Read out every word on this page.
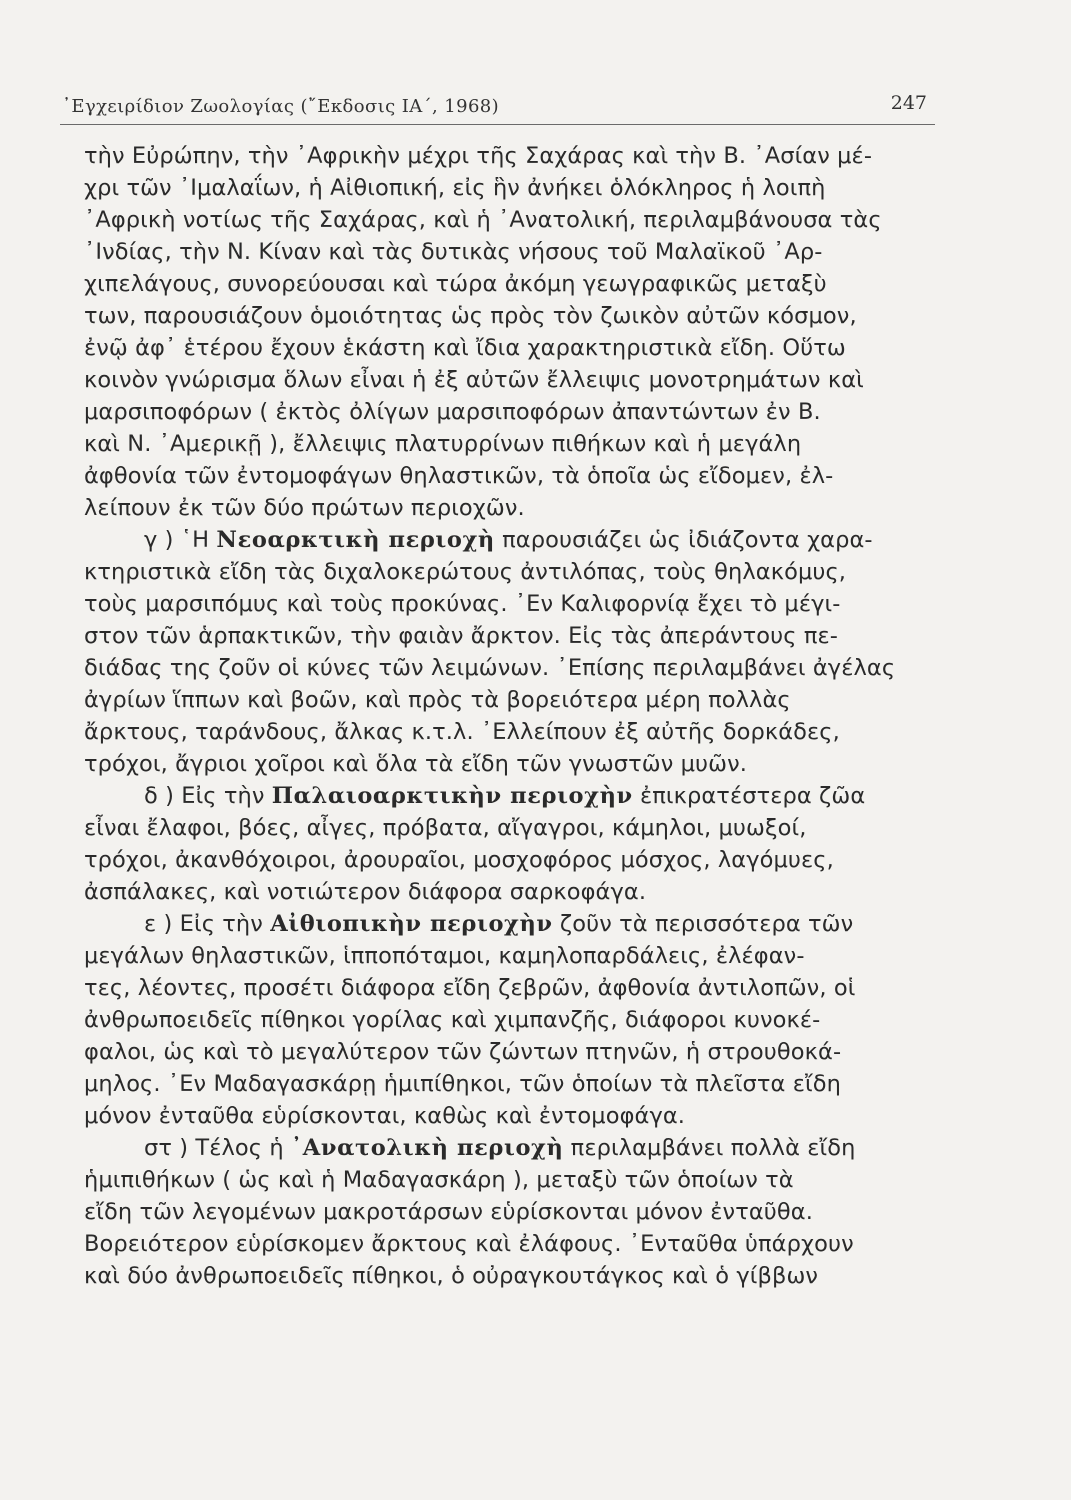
᾿Εγχειρίδιον Ζωολογίας (῎Εκδοσις ΙΑ΄, 1968)	247
τὴν Εὐρώπην, τὴν ᾿Αφρικὴν μέχρι τῆς Σαχάρας καὶ τὴν Β. ᾿Ασίαν μέ-
χρι τῶν ᾿Ιμαλαΐων, ἡ Αἰθιοπική, εἰς ἣν ἀνήκει ὁλόκληρος ἡ λοιπὴ
᾿Αφρικὴ νοτίως τῆς Σαχάρας, καὶ ἡ ᾿Ανατολική, περιλαμβάνουσα τὰς
᾿Ινδίας, τὴν Ν. Κίναν καὶ τὰς δυτικὰς νήσους τοῦ Μαλαϊκοῦ ᾿Αρ-
χιπελάγους, συνορεύουσαι καὶ τώρα ἀκόμη γεωγραφικῶς μεταξὺ
των, παρουσιάζουν ὁμοιότητας ὡς πρὸς τὸν ζωικὸν αὐτῶν κόσμον,
ἐνῷ ἀφ᾿ ἑτέρου ἔχουν ἑκάστη καὶ ἴδια χαρακτηριστικὰ εἴδη. Οὕτω
κοινὸν γνώρισμα ὅλων εἶναι ἡ ἐξ αὐτῶν ἔλλειψις μονοτρημάτων καὶ
μαρσιποφόρων ( ἐκτὸς ὀλίγων μαρσιποφόρων ἀπαντώντων ἐν Β.
καὶ Ν. ᾿Αμερικῇ ), ἔλλειψις πλατυρρίνων πιθήκων καὶ ἡ μεγάλη
ἀφθονία τῶν ἐντομοφάγων θηλαστικῶν, τὰ ὁποῖα ὡς εἴδομεν, ἐλ-
λείπουν ἐκ τῶν δύο πρώτων περιοχῶν.
γ ) ῾Η Νεοαρκτικὴ περιοχὴ παρουσιάζει ὡς ἰδιάζοντα χαρα-
κτηριστικὰ εἴδη τὰς διχαλοκερώτους ἀντιλόπας, τοὺς θηλακόμυς,
τοὺς μαρσιπόμυς καὶ τοὺς προκύνας. ᾿Εν Καλιφορνίᾳ ἔχει τὸ μέγι-
στον τῶν ἁρπακτικῶν, τὴν φαιὰν ἄρκτον. Εἰς τὰς ἀπεράντους πε-
διάδας της ζοῦν οἱ κύνες τῶν λειμώνων. ᾿Επίσης περιλαμβάνει ἀγέλας
ἀγρίων ἵππων καὶ βοῶν, καὶ πρὸς τὰ βορειότερα μέρη πολλὰς
ἄρκτους, ταράνδους, ἄλκας κ.τ.λ. ᾿Ελλείπουν ἐξ αὐτῆς δορκάδες,
τρόχοι, ἄγριοι χοῖροι καὶ ὅλα τὰ εἴδη τῶν γνωστῶν μυῶν.
δ ) Εἰς τὴν Παλαιοαρκτικὴν περιοχὴν ἐπικρατέστερα ζῶα
εἶναι ἔλαφοι, βόες, αἶγες, πρόβατα, αἴγαγροι, κάμηλοι, μυωξοί,
τρόχοι, ἀκανθόχοιροι, ἀρουραῖοι, μοσχοφόρος μόσχος, λαγόμυες,
ἀσπάλακες, καὶ νοτιώτερον διάφορα σαρκοφάγα.
ε ) Εἰς τὴν Αἰθιοπικὴν περιοχὴν ζοῦν τὰ περισσότερα τῶν
μεγάλων θηλαστικῶν, ἱπποπόταμοι, καμηλοπαρδάλεις, ἐλέφαν-
τες, λέοντες, προσέτι διάφορα εἴδη ζεβρῶν, ἀφθονία ἀντιλοπῶν, οἱ
ἀνθρωποειδεῖς πίθηκοι γορίλας καὶ χιμπανζῆς, διάφοροι κυνοκέ-
φαλοι, ὡς καὶ τὸ μεγαλύτερον τῶν ζώντων πτηνῶν, ἡ στρουθοκά-
μηλος. ᾿Εν Μαδαγασκάρῃ ἡμιπίθηκοι, τῶν ὁποίων τὰ πλεῖστα εἴδη
μόνον ἐνταῦθα εὑρίσκονται, καθὼς καὶ ἐντομοφάγα.
στ ) Τέλος ἡ ᾿Ανατολικὴ περιοχὴ περιλαμβάνει πολλὰ εἴδη
ἡμιπιθήκων ( ὡς καὶ ἡ Μαδαγασκάρη ), μεταξὺ τῶν ὁποίων τὰ
εἴδη τῶν λεγομένων μακροτάρσων εὑρίσκονται μόνον ἐνταῦθα.
Βορειότερον εὑρίσκομεν ἄρκτους καὶ ἐλάφους. ᾿Ενταῦθα ὑπάρχουν
καὶ δύο ἀνθρωποειδεῖς πίθηκοι, ὁ οὐραγκουτάγκος καὶ ὁ γίββων
